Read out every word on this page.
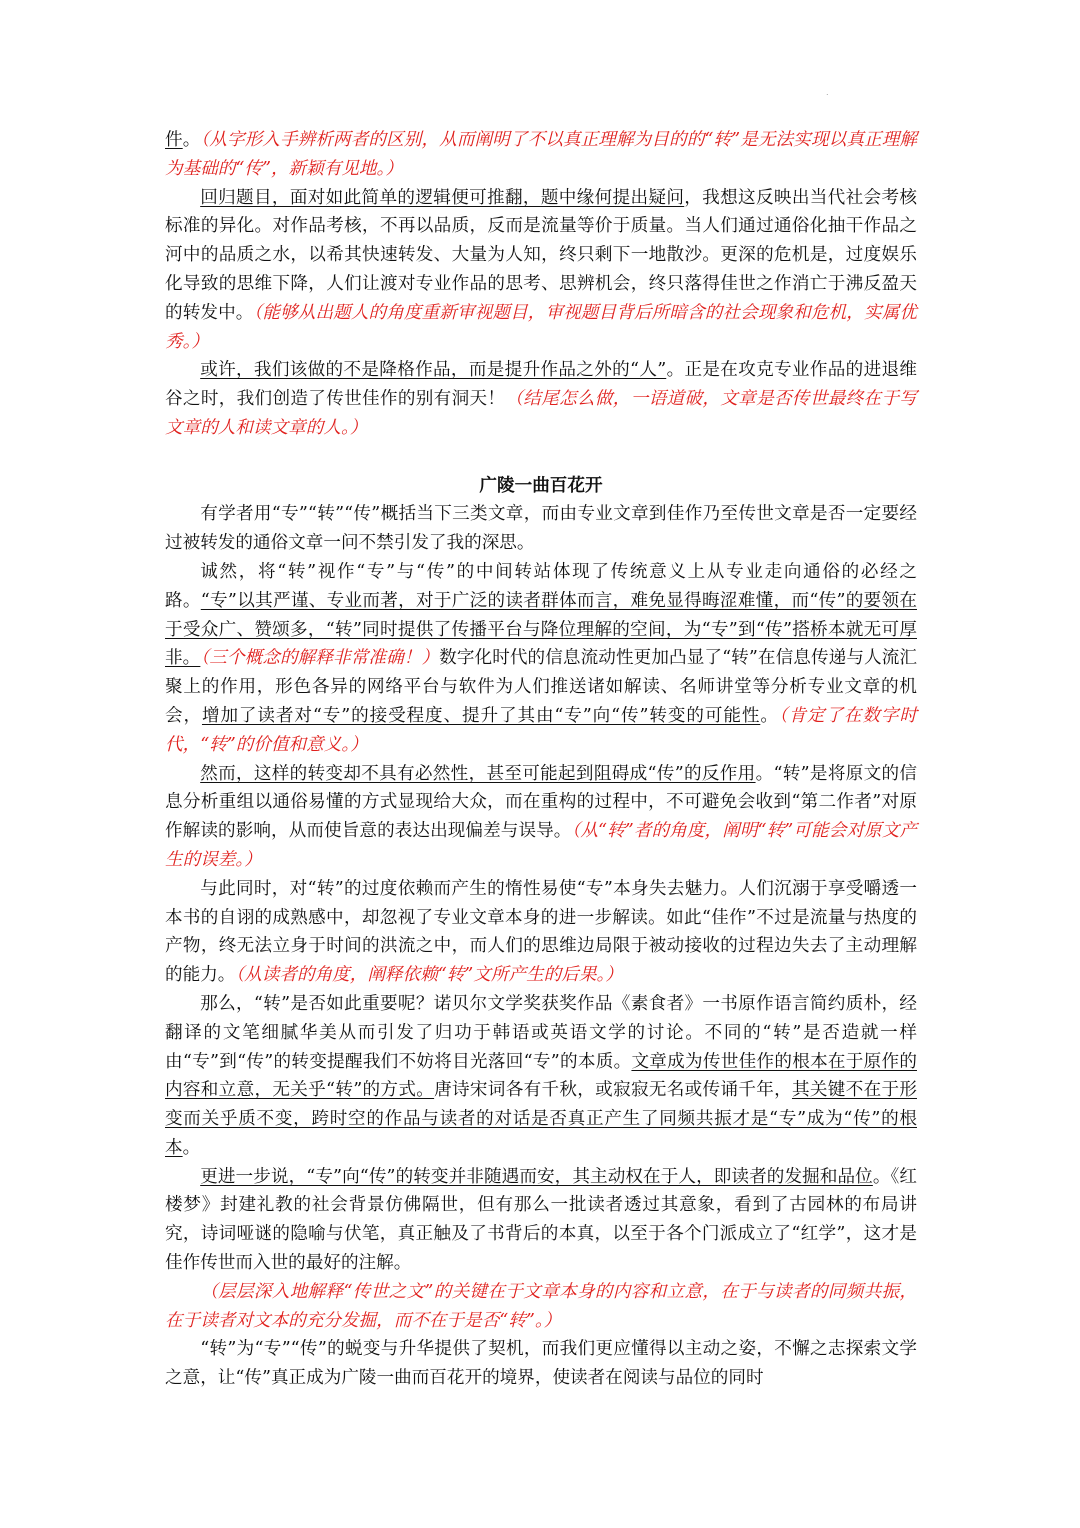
.

件。（从字形入手辨析两者的区别，从而阐明了不以真正理解为目的的“转”是无法实现以真正理解为基础的“传”，新颖有见地。）

回归题目，面对如此简单的逻辑便可推翻，题中缘何提出疑问，我想这反映出当代社会考核标准的异化。对作品考核，不再以品质，反而是流量等价于质量。当人们通过通俗化抽干作品之河中的品质之水，以希其快速转发、大量为人知，终只剩下一地散沙。更深的危机是，过度娱乐化导致的思维下降，人们让渡对专业作品的思考、思辨机会，终只落得佳世之作消亡于沸反盈天的转发中。（能够从出题人的角度重新审视题目，审视题目背后所暗含的社会现象和危机，实属优秀。）

或许，我们该做的不是降格作品，而是提升作品之外的“人”。正是在攻克专业作品的进退维谷之时，我们创造了传世佳作的别有洞天！（结尾怎么做，一语道破，文章是否传世最终在于写文章的人和读文章的人。）

广陵一曲百花开

有学者用“专”“转”“传”概括当下三类文章，而由专业文章到佳作乃至传世文章是否一定要经过被转发的通俗文章一问不禁引发了我的深思。

诚然，将“转”视作“专”与“传”的中间转站体现了传统意义上从专业走向通俗的必经之路。“专”以其严谨、专业而著，对于广泛的读者群体而言，难免显得晦涩难懂，而“传”的要领在于受众广、赞颂多，“转”同时提供了传播平台与降位理解的空间，为“专”到“传”搭桥本就无可厚非。（三个概念的解释非常准确！）数字化时代的信息流动性更加凸显了“转”在信息传递与人流汇聚上的作用，形色各异的网络平台与软件为人们推送诸如解读、名师讲堂等分析专业文章的机会，增加了读者对“专”的接受程度、提升了其由“专”向“传”转变的可能性。（肯定了在数字时代，“转”的价值和意义。）

然而，这样的转变却不具有必然性，甚至可能起到阻碍成“传”的反作用。“转”是将原文的信息分析重组以通俗易懂的方式显现给大众，而在重构的过程中，不可避免会收到“第二作者”对原作解读的影响，从而使旨意的表达出现偏差与误导。（从“转”者的角度，阐明“转”可能会对原文产生的误差。）

与此同时，对“转”的过度依赖而产生的惰性易使“专”本身失去魅力。人们沉溺于享受嚼透一本书的自诩的成熟感中，却忽视了专业文章本身的进一步解读。如此“佳作”不过是流量与热度的产物，终无法立身于时间的洪流之中，而人们的思维边局限于被动接收的过程边失去了主动理解的能力。（从读者的角度，阐释依赖“转”文所产生的后果。）

那么，“转”是否如此重要呢？诺贝尔文学奖获奖作品《素食者》一书原作语言简约质朴，经翻译的文笔细腻华美从而引发了归功于韩语或英语文学的讨论。不同的“转”是否造就一样由“专”到“传”的转变提醒我们不妨将目光落回“专”的本质。文章成为传世佳作的根本在于原作的内容和立意，无关乎“转”的方式。唐诗宋词各有千秋，或寂寂无名或传诵千年，其关键不在于形变而关乎质不变，跨时空的作品与读者的对话是否真正产生了同频共振才是“专”成为“传”的根本。

更进一步说，“专”向“传”的转变并非随遇而安，其主动权在于人，即读者的发掘和品位。《红楼梦》封建礼教的社会背景仿佛隔世，但有那么一批读者透过其意象，看到了古园林的布局讲究，诗词哑谜的隐喻与伏笔，真正触及了书背后的本真，以至于各个门派成立了“红学”，这才是佳作传世而入世的最好的注解。

（层层深入地解释“传世之文”的关键在于文章本身的内容和立意，在于与读者的同频共振，在于读者对文本的充分发掘，而不在于是否“转”。）

“转”为“专”“传”的蜕变与升华提供了契机，而我们更应懂得以主动之姿，不懈之志探索文学之意，让“传”真正成为广陵一曲而百花开的境界，使读者在阅读与品位的同时
